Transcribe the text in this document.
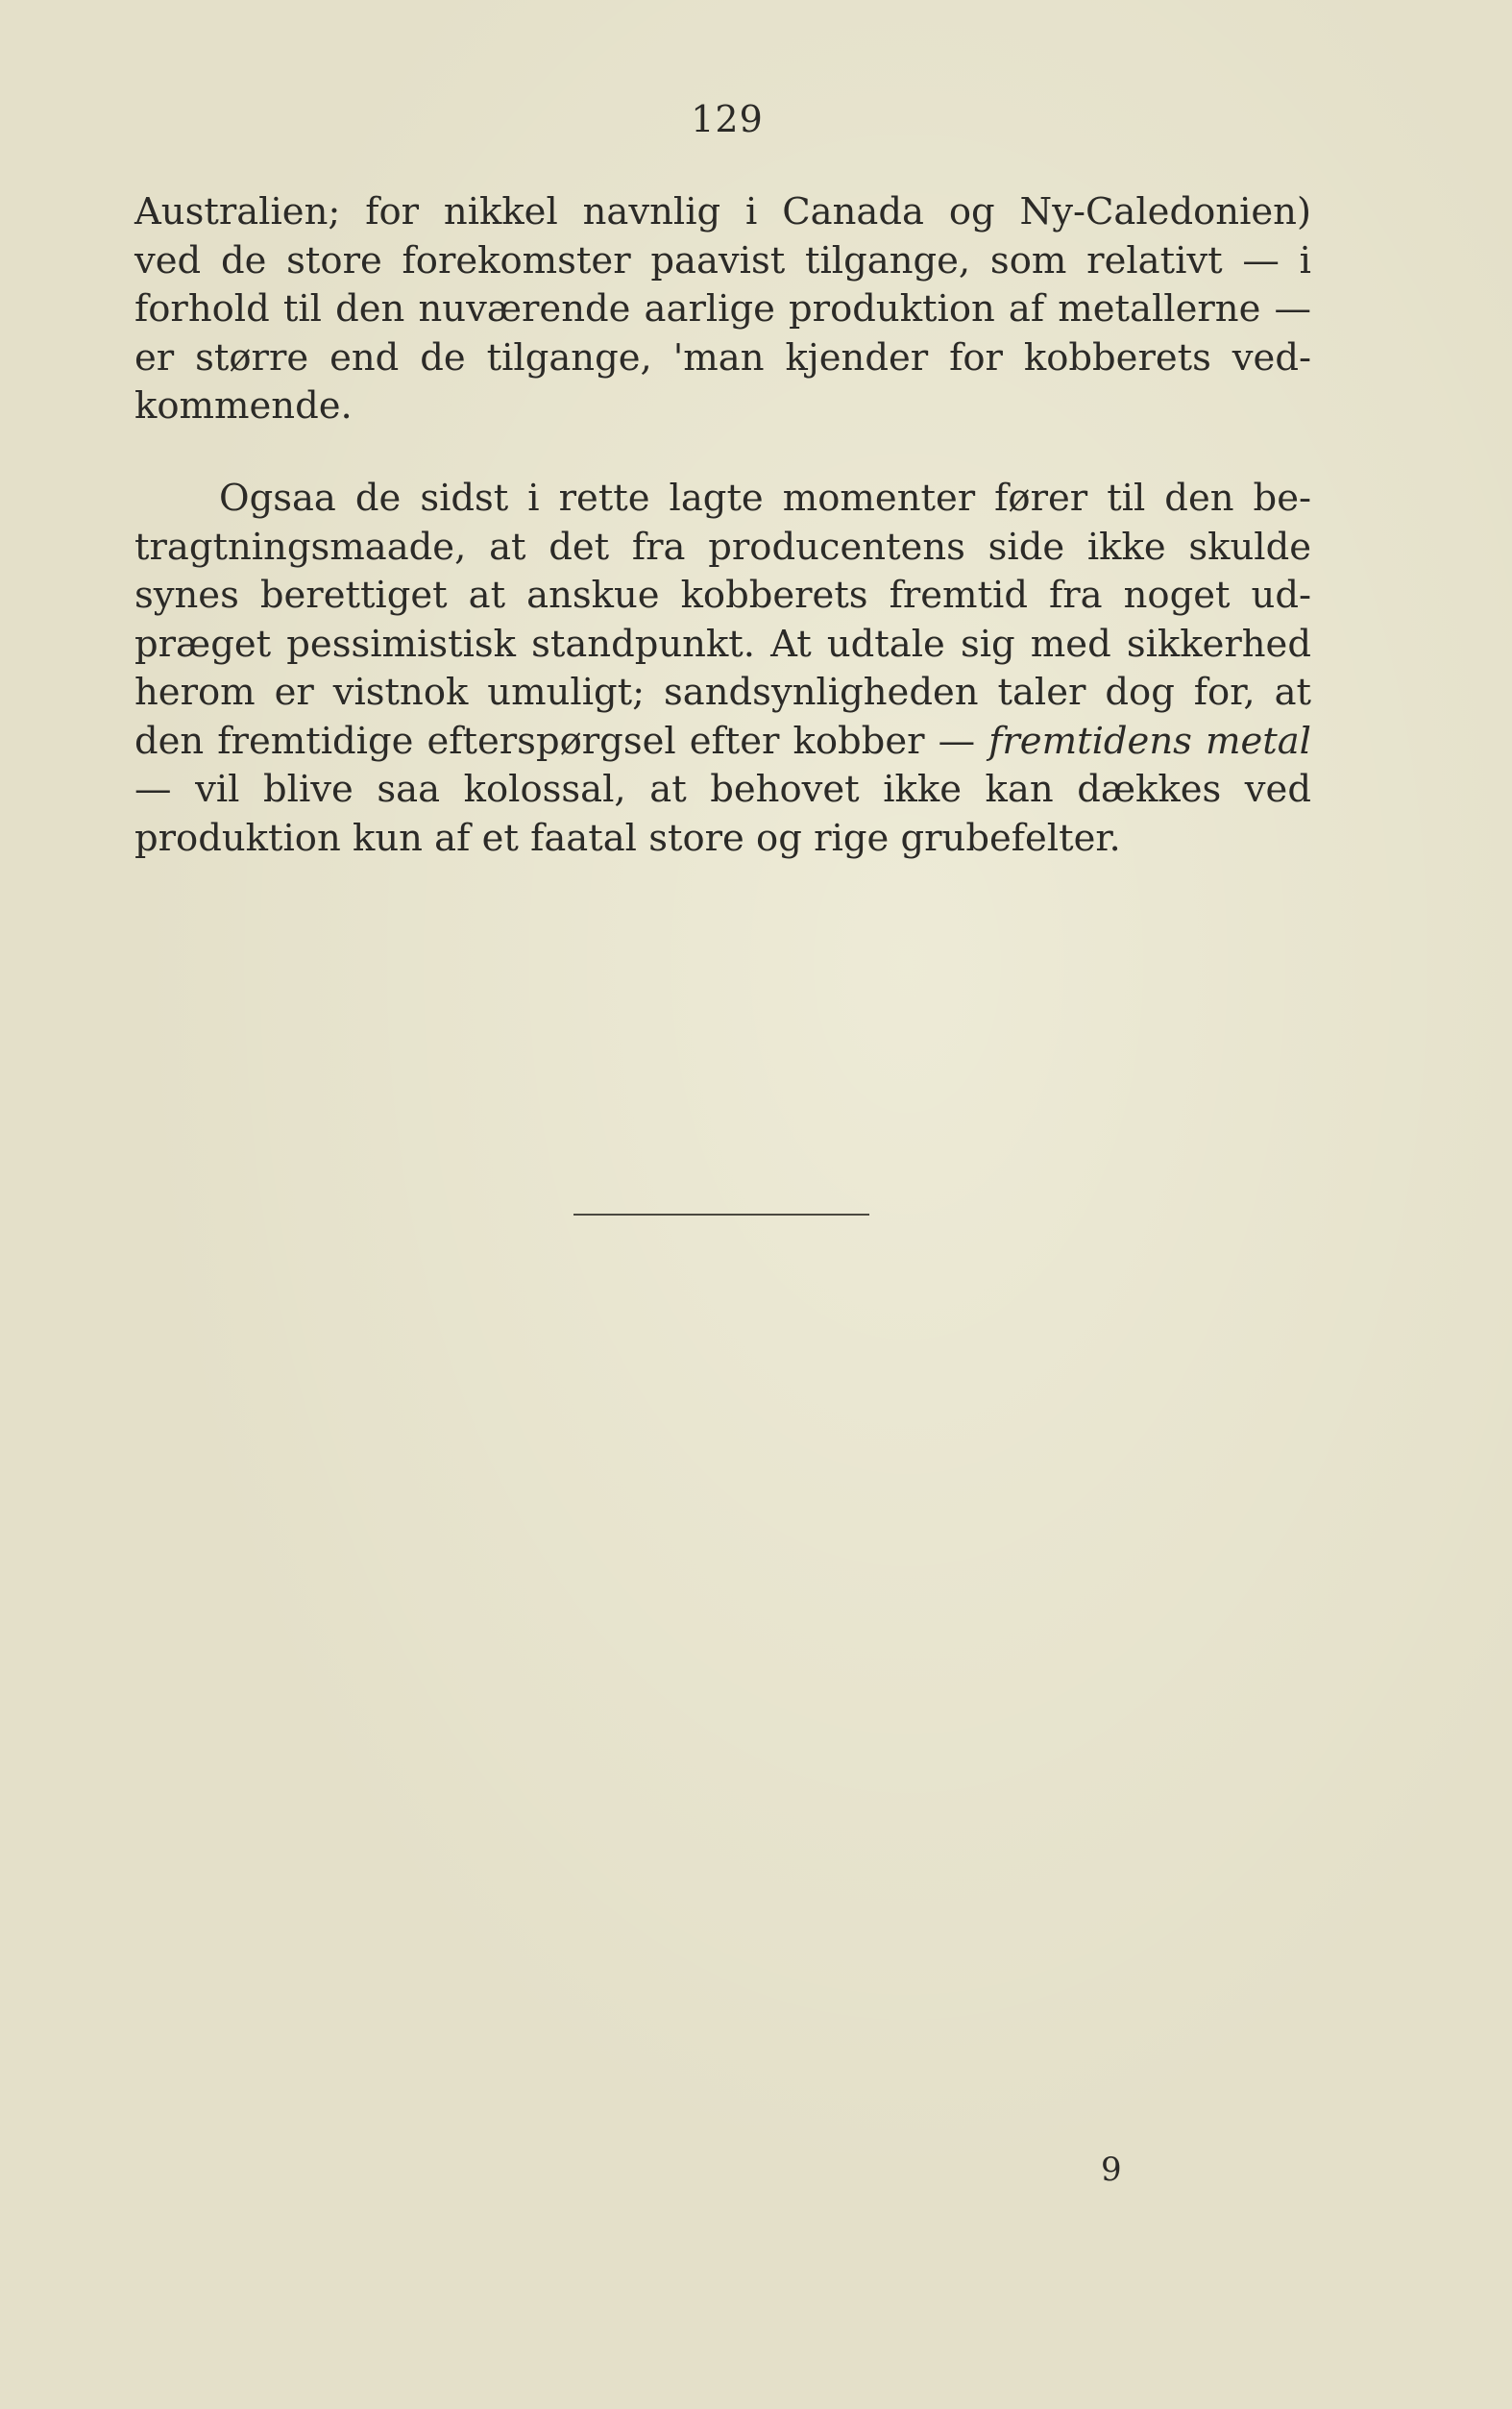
129
Australien; for nikkel navnlig i Canada og Ny-Caledonien)
ved de store forekomster paavist tilgange, som relativt — i
forhold til den nuværende aarlige produktion af metallerne —
er større end de tilgange, 'man kjender for kobberets ved-
kommende.
Ogsaa de sidst i rette lagte momenter fører til den be-
tragtningsmaade, at det fra producentens side ikke skulde
synes berettiget at anskue kobberets fremtid fra noget ud-
præget pessimistisk standpunkt. At udtale sig med sikkerhed
herom er vistnok umuligt; sandsynligheden taler dog for, at
den fremtidige efterspørgsel efter kobber — fremtidens metal
— vil blive saa kolossal, at behovet ikke kan dækkes ved
produktion kun af et faatal store og rige grubefelter.
9
